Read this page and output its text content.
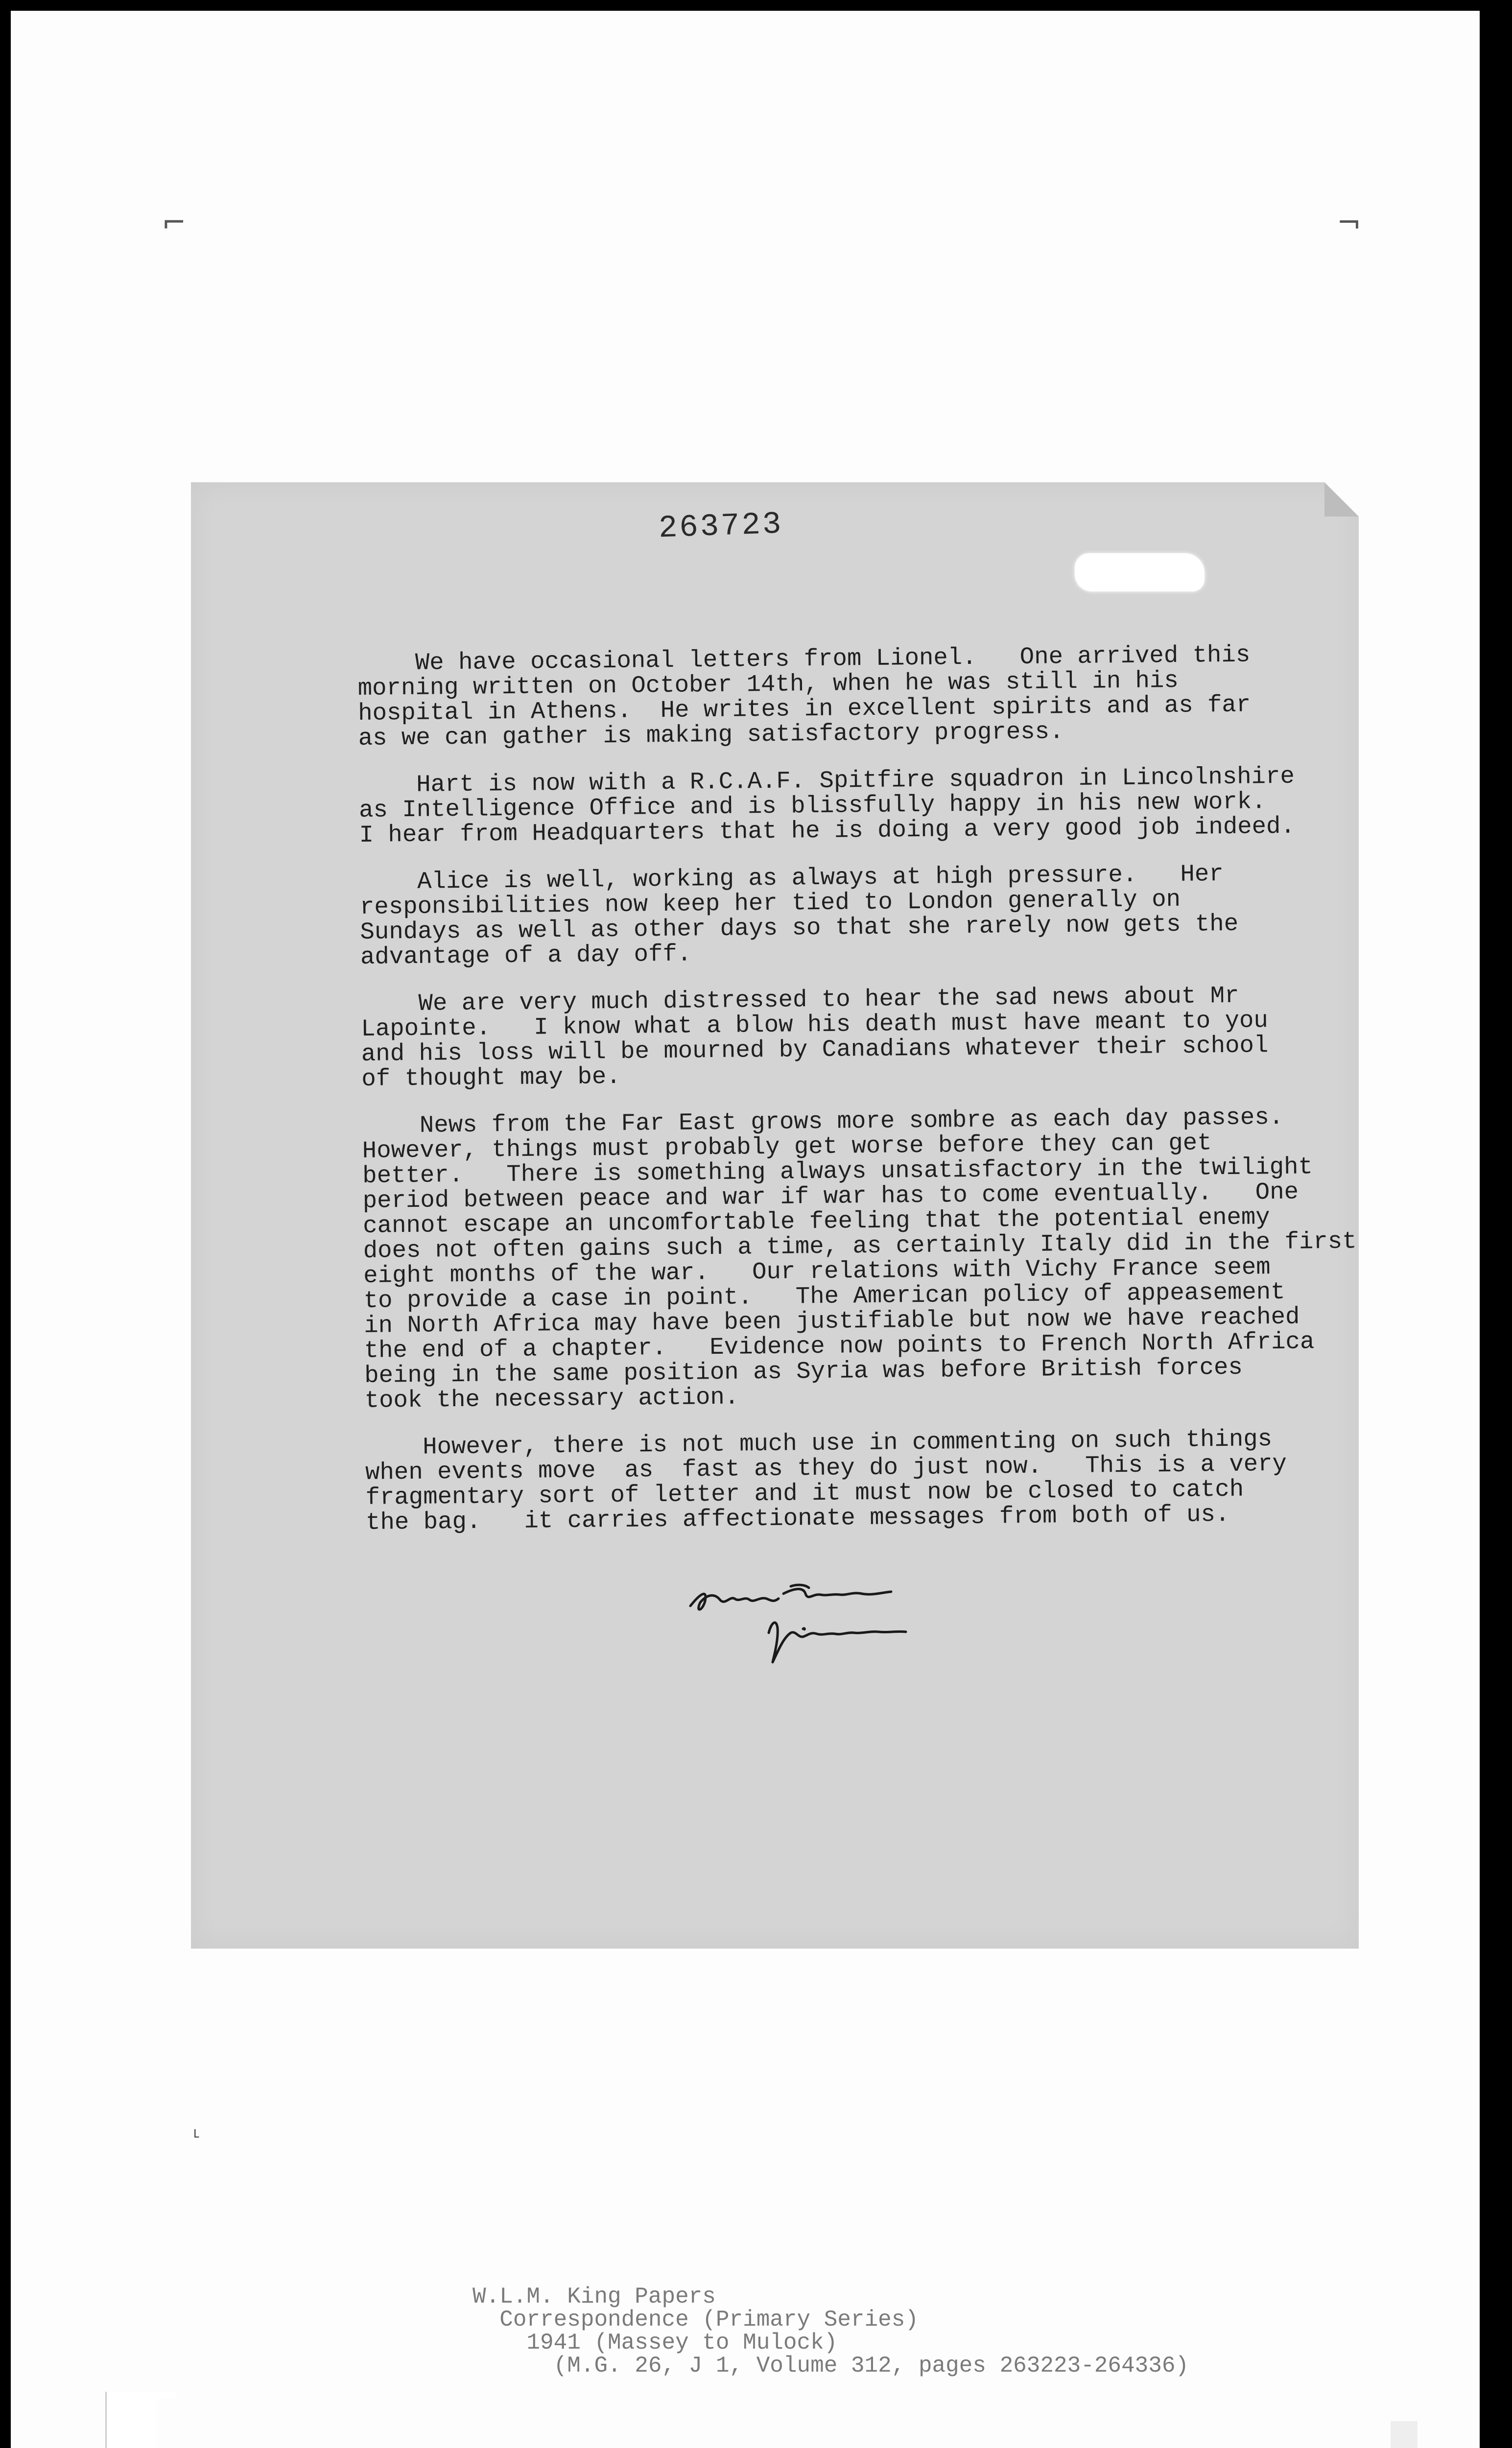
⌐	¬
˪
263723

We have occasional letters from Lionel.   One arrived this
morning written on October 14th, when he was still in his
hospital in Athens.  He writes in excellent spirits and as far
as we can gather is making satisfactory progress.

Hart is now with a R.C.A.F. Spitfire squadron in Lincolnshire
as Intelligence Office and is blissfully happy in his new work.
I hear from Headquarters that he is doing a very good job indeed.

Alice is well, working as always at high pressure.   Her
responsibilities now keep her tied to London generally on
Sundays as well as other days so that she rarely now gets the
advantage of a day off.

We are very much distressed to hear the sad news about Mr
Lapointe.   I know what a blow his death must have meant to you
and his loss will be mourned by Canadians whatever their school
of thought may be.

News from the Far East grows more sombre as each day passes.
However, things must probably get worse before they can get
better.   There is something always unsatisfactory in the twilight
period between peace and war if war has to come eventually.   One
cannot escape an uncomfortable feeling that the potential enemy
does not often gains such a time, as certainly Italy did in the first
eight months of the war.   Our relations with Vichy France seem
to provide a case in point.   The American policy of appeasement
in North Africa may have been justifiable but now we have reached
the end of a chapter.   Evidence now points to French North Africa
being in the same position as Syria was before British forces
took the necessary action.

However, there is not much use in commenting on such things
when events move  as  fast as they do just now.   This is a very
fragmentary sort of letter and it must now be closed to catch
the bag.   it carries affectionate messages from both of us.

W.L.M. King Papers
Correspondence (Primary Series)
1941 (Massey to Mulock)
(M.G. 26, J 1, Volume 312, pages 263223-264336)
